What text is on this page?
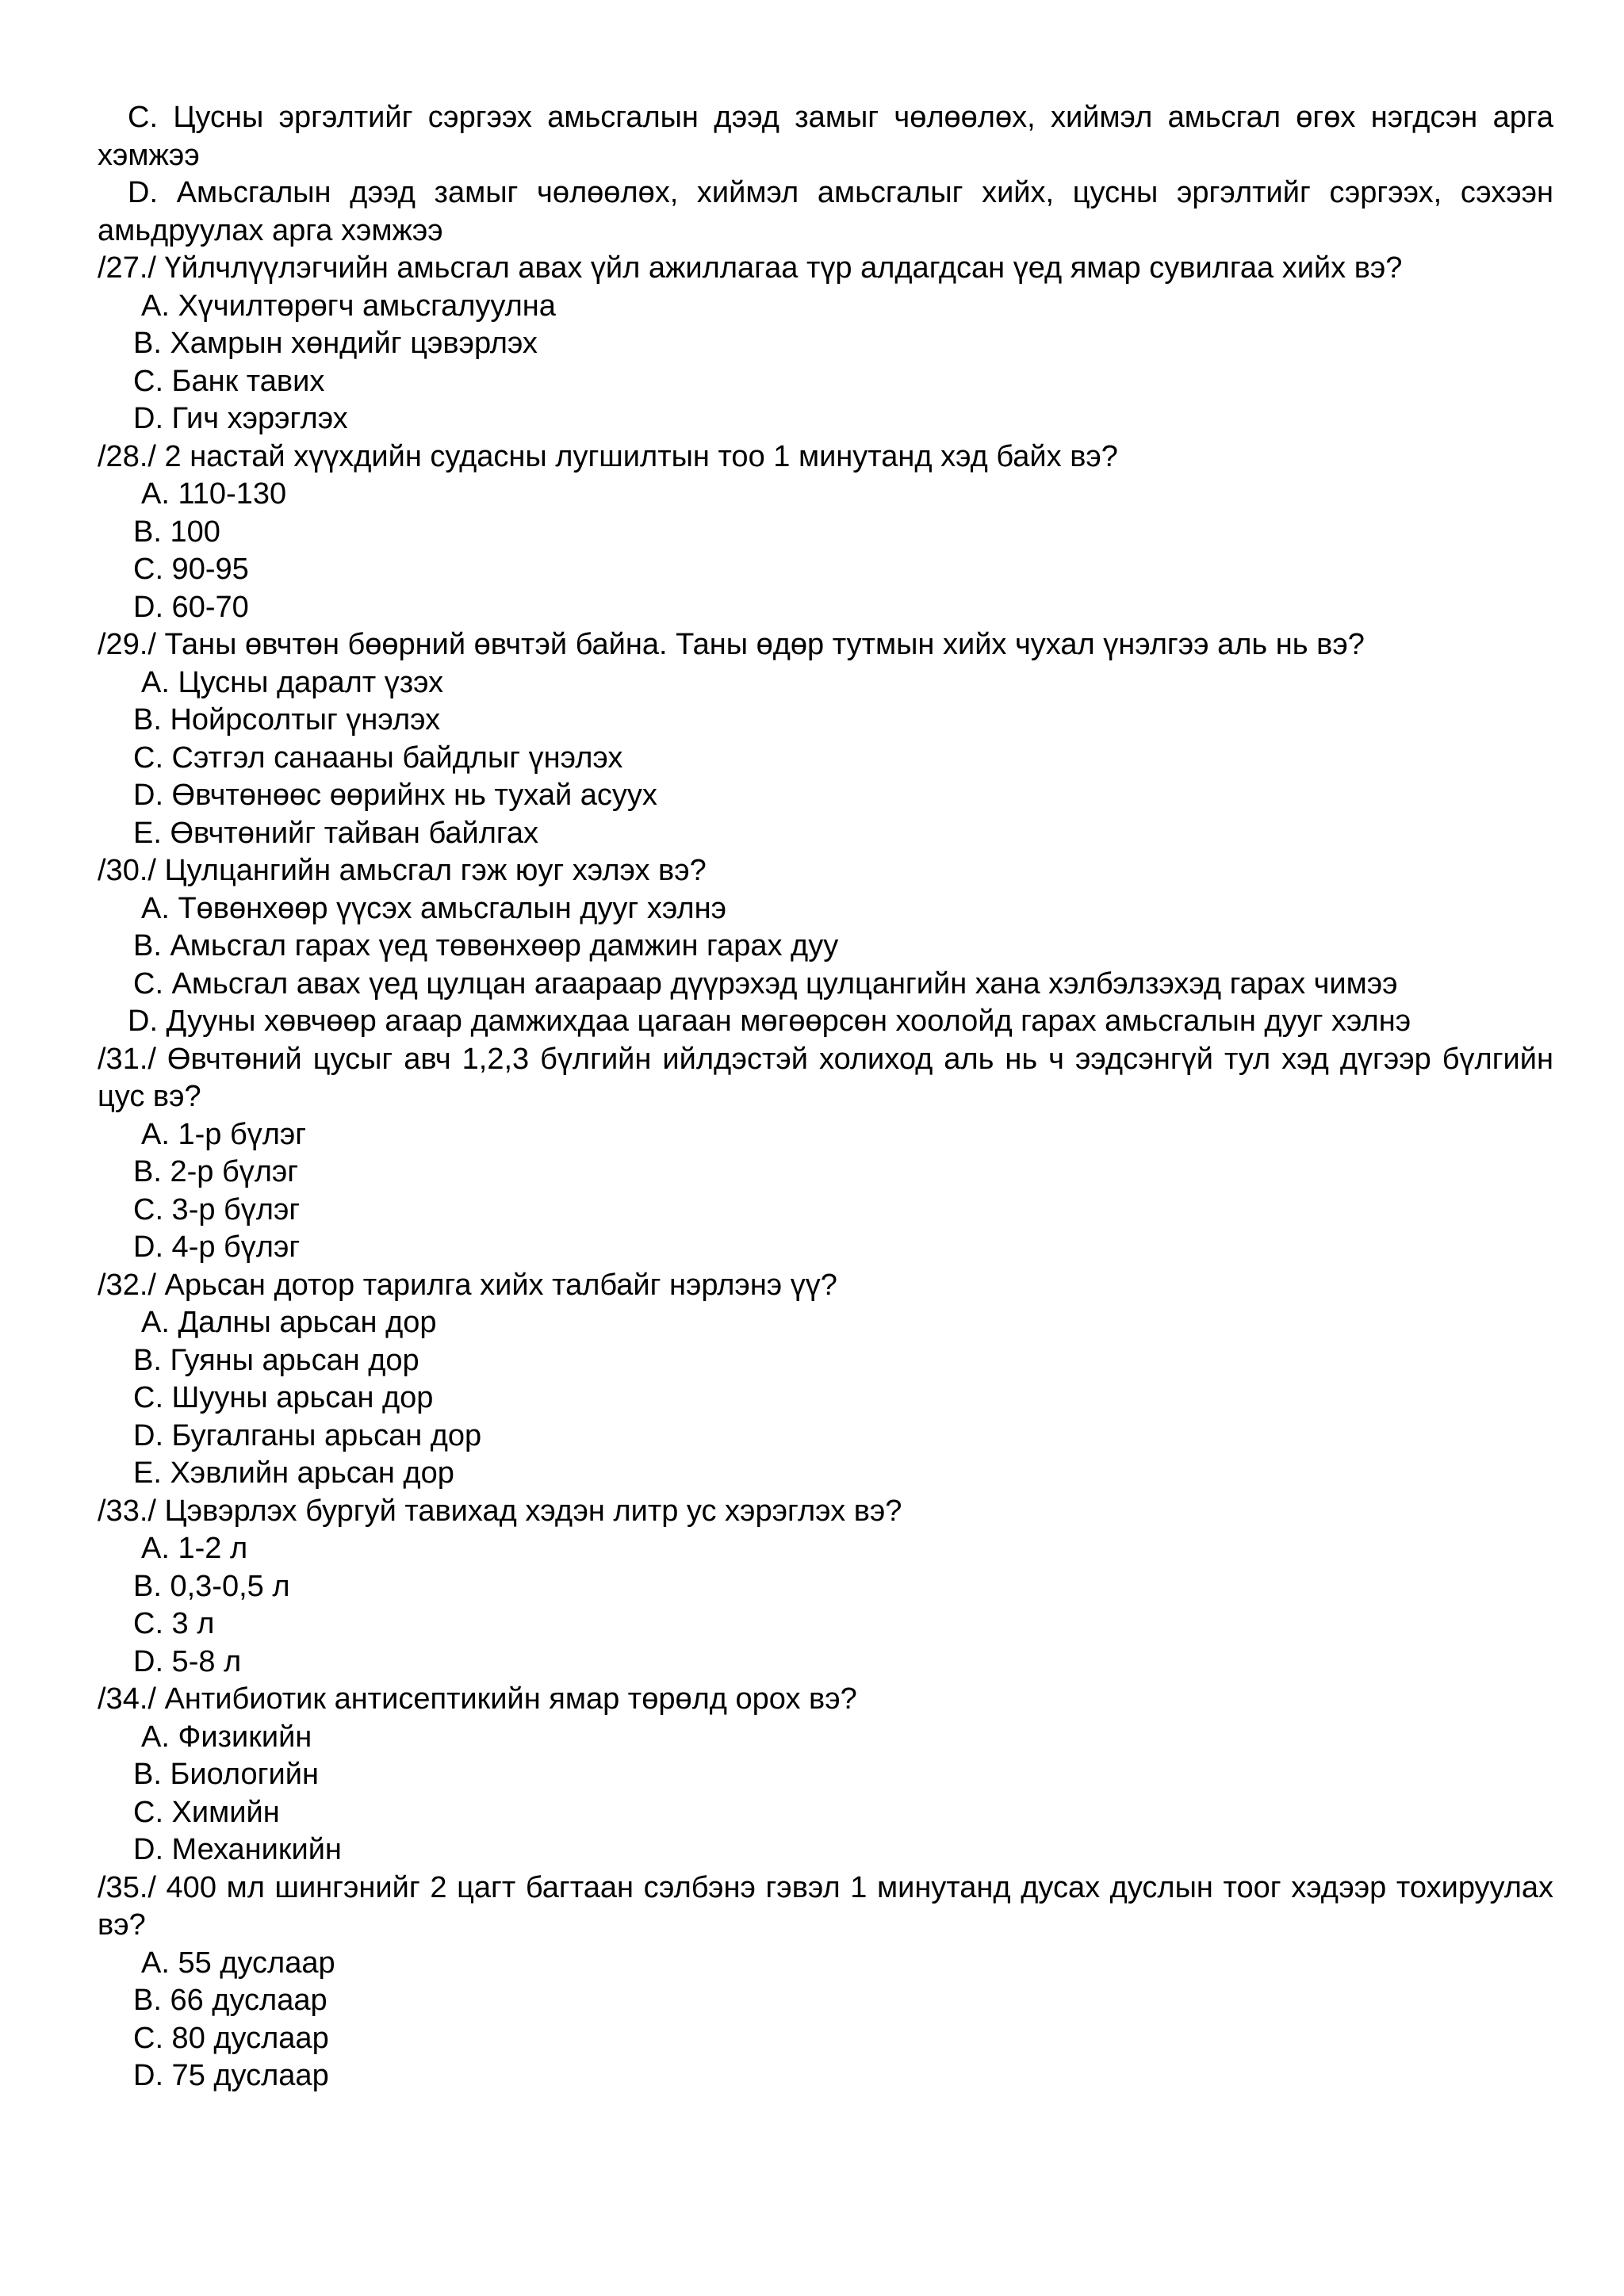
C. Цусны эргэлтийг сэргээх амьсгалын дээд замыг чөлөөлөх, хиймэл амьсгал өгөх нэгдсэн арга хэмжээ
D. Амьсгалын дээд замыг чөлөөлөх, хиймэл амьсгалыг хийх, цусны эргэлтийг сэргээх, сэхээн амьдруулах арга хэмжээ
/27./ Үйлчлүүлэгчийн амьсгал авах үйл ажиллагаа түр алдагдсан үед ямар сувилгаа хийх вэ?
A. Хүчилтөрөгч амьсгалуулна
B. Хамрын хөндийг цэвэрлэх
C. Банк тавих
D. Гич хэрэглэх
/28./ 2 настай хүүхдийн судасны лугшилтын тоо 1 минутанд хэд байх вэ?
A. 110-130
B. 100
C. 90-95
D. 60-70
/29./ Таны өвчтөн бөөрний өвчтэй байна. Таны өдөр тутмын хийх чухал үнэлгээ аль нь вэ?
A. Цусны даралт үзэх
B. Нойрсолтыг үнэлэх
C. Сэтгэл санааны байдлыг үнэлэх
D. Өвчтөнөөс өөрийнх нь тухай асуух
E. Өвчтөнийг тайван байлгах
/30./ Цулцангийн амьсгал гэж юуг хэлэх вэ?
A. Төвөнхөөр үүсэх амьсгалын дууг хэлнэ
B. Амьсгал гарах үед төвөнхөөр дамжин гарах дуу
C. Амьсгал авах үед цулцан агаараар дүүрэхэд цулцангийн хана хэлбэлзэхэд гарах чимээ
D. Дууны хөвчөөр агаар дамжихдаа цагаан мөгөөрсөн хоолойд гарах амьсгалын дууг хэлнэ
/31./ Өвчтөний цусыг авч 1,2,3 бүлгийн ийлдэстэй холиход аль нь ч ээдсэнгүй тул хэд дүгээр бүлгийн цус вэ?
A. 1-р бүлэг
B. 2-р бүлэг
C. 3-р бүлэг
D. 4-р бүлэг
/32./ Арьсан дотор тарилга хийх талбайг нэрлэнэ үү?
A. Далны арьсан дор
B. Гуяны арьсан дор
C. Шууны арьсан дор
D. Бугалганы арьсан дор
E. Хэвлийн арьсан дор
/33./ Цэвэрлэх бургуй тавихад хэдэн литр ус хэрэглэх вэ?
A. 1-2 л
B. 0,3-0,5 л
C. 3 л
D. 5-8 л
/34./ Антибиотик антисептикийн ямар төрөлд орох вэ?
A. Физикийн
B. Биологийн
C. Химийн
D. Механикийн
/35./ 400 мл шингэнийг 2 цагт багтаан сэлбэнэ гэвэл 1 минутанд дусах дуслын тоог хэдээр тохируулах вэ?
A. 55 дуслаар
B. 66 дуслаар
C. 80 дуслаар
D. 75 дуслаар
